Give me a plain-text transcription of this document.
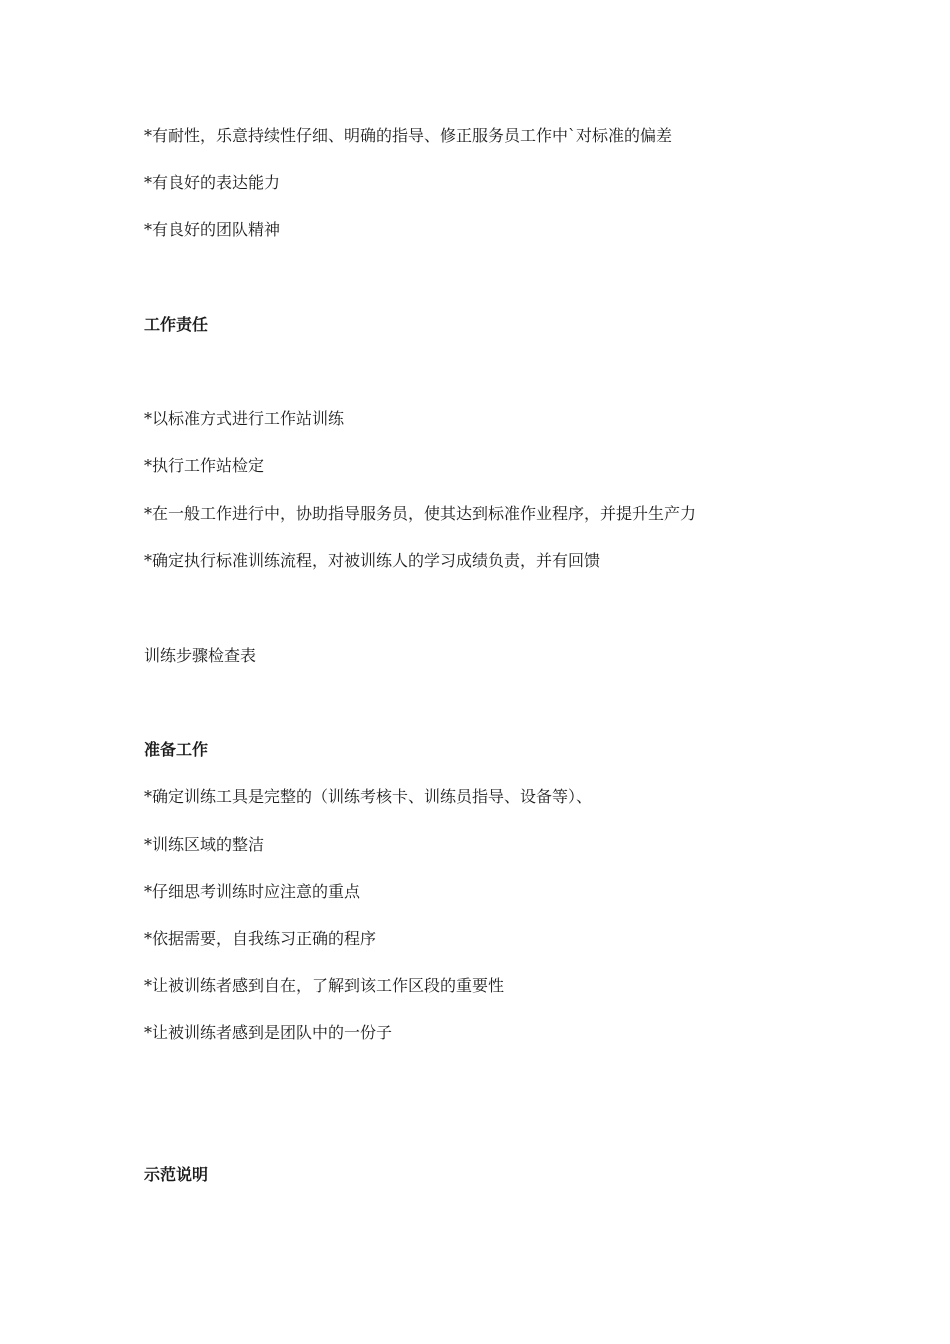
*有耐性，乐意持续性仔细、明确的指导、修正服务员工作中`对标准的偏差
*有良好的表达能力
*有良好的团队精神
工作责任
*以标准方式进行工作站训练
*执行工作站检定
*在一般工作进行中，协助指导服务员，使其达到标准作业程序，并提升生产力
*确定执行标准训练流程，对被训练人的学习成绩负责，并有回馈
训练步骤检查表
准备工作
*确定训练工具是完整的（训练考核卡、训练员指导、设备等）、
*训练区域的整洁
*仔细思考训练时应注意的重点
*依据需要，自我练习正确的程序
*让被训练者感到自在，了解到该工作区段的重要性
*让被训练者感到是团队中的一份子
示范说明
